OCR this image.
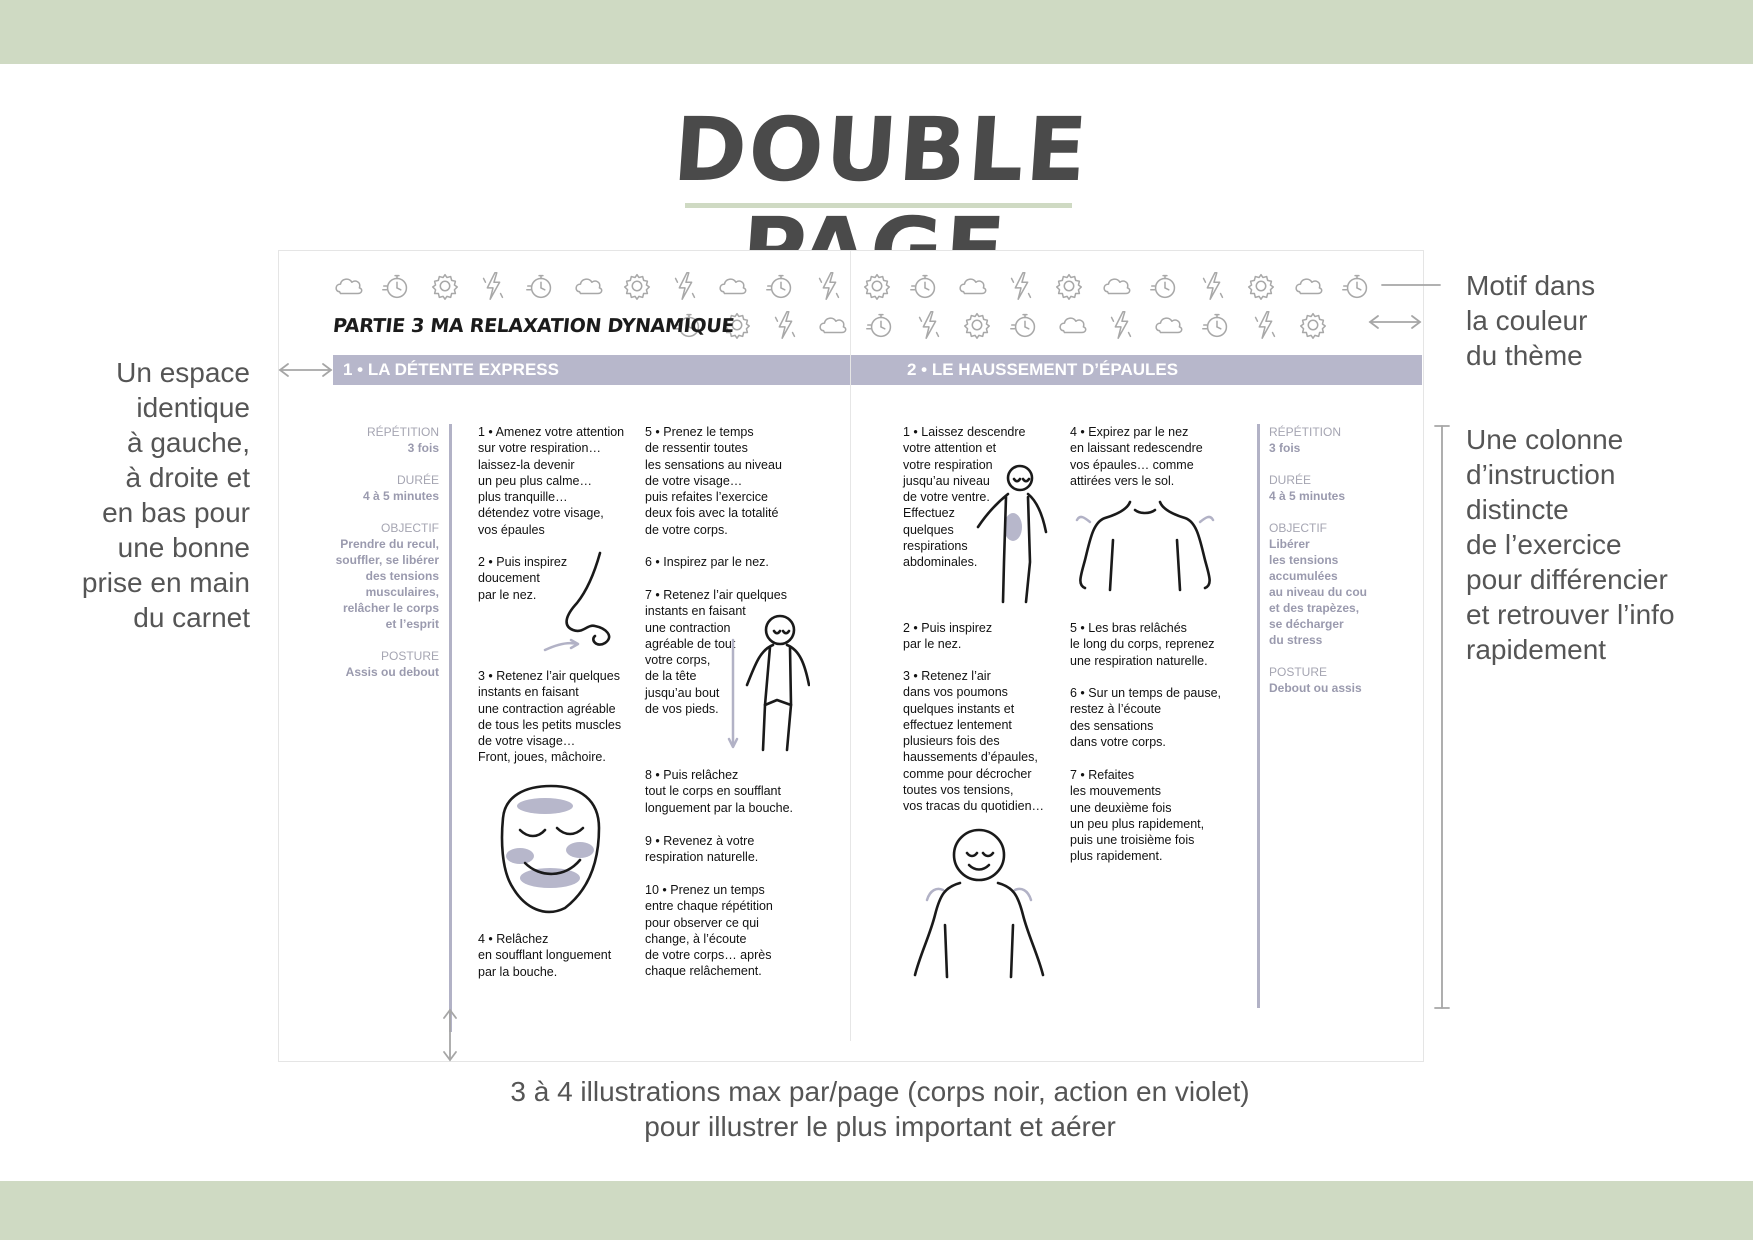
DOUBLE
PARTIE 3 MA RELAXATION DYNAMIQUE
1 • LA DÉTENTE EXPRESS	2 • LE HAUSSEMENT D’ÉPAULES
RÉPÉTITION
3 fois
DURÉE
4 à 5 minutes
OBJECTIF
Prendre du recul,
souffler, se libérer
des tensions
musculaires,
relâcher le corps
et l’esprit
POSTURE
Assis ou debout
1 • Amenez votre attention
sur votre respiration…
laissez-la devenir
un peu plus calme…
plus tranquille…
détendez votre visage,
vos épaules
2 • Puis inspirez
doucement
par le nez.
3 • Retenez l’air quelques
instants en faisant
une contraction agréable
de tous les petits muscles
de votre visage…
Front, joues, mâchoire.
4 • Relâchez
en soufflant longuement
par la bouche.
5 • Prenez le temps
de ressentir toutes
les sensations au niveau
de votre visage…
puis refaites l’exercice
deux fois avec la totalité
de votre corps.
6 • Inspirez par le nez.
7 • Retenez l’air quelques
instants en faisant
une contraction
agréable de tout
votre corps,
de la tête
jusqu’au bout
de vos pieds.
8 • Puis relâchez
tout le corps en soufflant
longuement par la bouche.
9 • Revenez à votre
respiration naturelle.
10 • Prenez un temps
entre chaque répétition
pour observer ce qui
change, à l’écoute
de votre corps… après
chaque relâchement.
1 • Laissez descendre
votre attention et
votre respiration
jusqu’au niveau
de votre ventre.
Effectuez
quelques
respirations
abdominales.
2 • Puis inspirez
par le nez.
3 • Retenez l’air
dans vos poumons
quelques instants et
effectuez lentement
plusieurs fois des
haussements d’épaules,
comme pour décrocher
toutes vos tensions,
vos tracas du quotidien…
4 • Expirez par le nez
en laissant redescendre
vos épaules… comme
attirées vers le sol.
5 • Les bras relâchés
le long du corps, reprenez
une respiration naturelle.
6 • Sur un temps de pause,
restez à l’écoute
des sensations
dans votre corps.
7 • Refaites
les mouvements
une deuxième fois
un peu plus rapidement,
puis une troisième fois
plus rapidement.
RÉPÉTITION
3 fois
DURÉE
4 à 5 minutes
OBJECTIF
Libérer
les tensions
accumulées
au niveau du cou
et des trapèzes,
se décharger
du stress
POSTURE
Debout ou assis
Un espace
identique
à gauche,
à droite et
en bas pour
une bonne
prise en main
du carnet
Motif dans
la couleur
du thème
Une colonne
d’instruction
distincte
de l’exercice
pour différencier
et retrouver l’info
rapidement
3 à 4 illustrations max par/page (corps noir, action en violet)
pour illustrer le plus important et aérer
